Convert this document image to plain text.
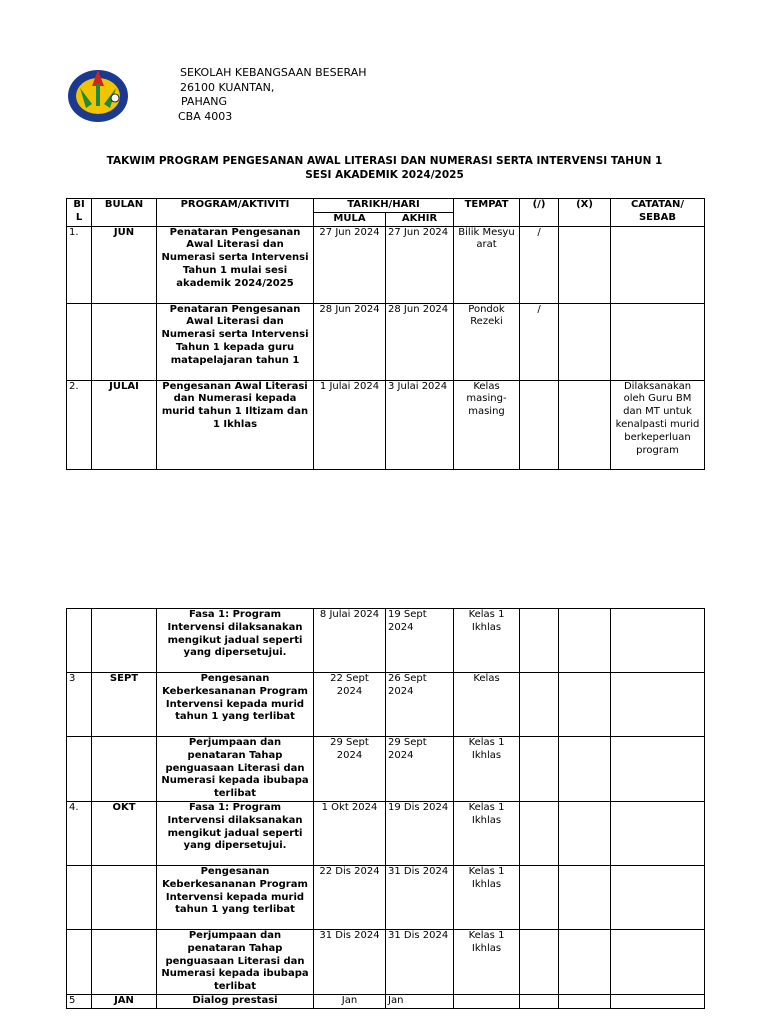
SEKOLAH KEBANGSAAN BESERAH
26100 KUANTAN,
PAHANG
CBA 4003
TAKWIM PROGRAM PENGESANAN AWAL LITERASI DAN NUMERASI SERTA INTERVENSI TAHUN 1
SESI AKADEMIK 2024/2025
BI L	BULAN	PROGRAM/AKTIVITI	TARIKH/HARI		TEMPAT	(/)	(X)	CATATAN/ SEBAB
			MULA	AKHIR				
1.	JUN	Penataran Pengesanan Awal Literasi dan Numerasi serta Intervensi Tahun 1 mulai sesi akademik 2024/2025	27 Jun 2024	27 Jun 2024	Bilik Mesyuarat	/		
		Penataran Pengesanan Awal Literasi dan Numerasi serta Intervensi Tahun 1 kepada guru matapelajaran tahun 1	28 Jun 2024	28 Jun 2024	Pondok Rezeki	/		
2.	JULAI	Pengesanan Awal Literasi dan Numerasi kepada murid tahun 1 Iltizam dan 1 Ikhlas	1 Julai 2024	3 Julai 2024	Kelas masing-masing			Dilaksanakan oleh Guru BM dan MT untuk kenalpasti murid berkeperluan program
		Fasa 1: Program Intervensi dilaksanakan mengikut jadual seperti yang dipersetujui.	8 Julai 2024	19 Sept 2024	Kelas 1 Ikhlas			
3	SEPT	Pengesanan Keberkesananan Program Intervensi kepada murid tahun 1 yang terlibat	22 Sept 2024	26 Sept 2024	Kelas			
		Perjumpaan dan penataran Tahap penguasaan Literasi dan Numerasi kepada ibubapa terlibat	29 Sept 2024	29 Sept 2024	Kelas 1 Ikhlas			
4.	OKT	Fasa 1: Program Intervensi dilaksanakan mengikut jadual seperti yang dipersetujui.	1 Okt 2024	19 Dis 2024	Kelas 1 Ikhlas			
		Pengesanan Keberkesananan Program Intervensi kepada murid tahun 1 yang terlibat	22 Dis 2024	31 Dis 2024	Kelas 1 Ikhlas			
		Perjumpaan dan penataran Tahap penguasaan Literasi dan Numerasi kepada ibubapa terlibat	31 Dis 2024	31 Dis 2024	Kelas 1 Ikhlas			
5	JAN	Dialog prestasi	Jan	Jan				
